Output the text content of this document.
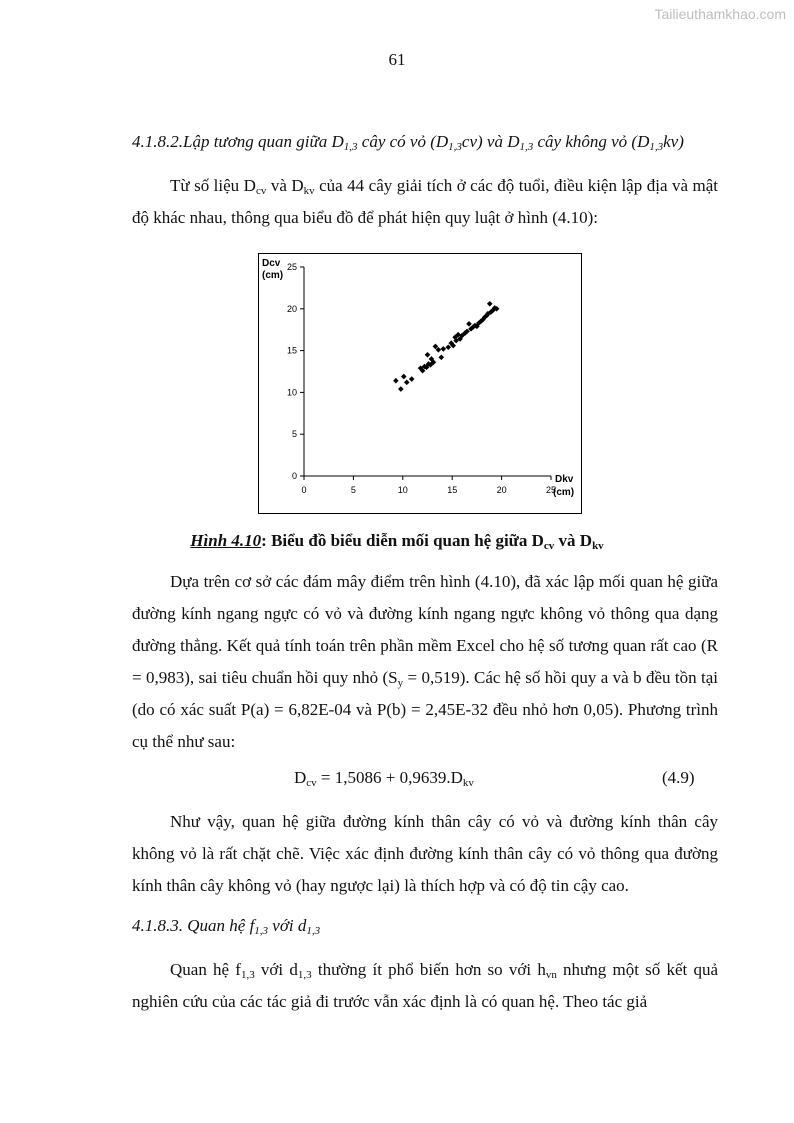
Tailieuthamkhao.com
61
4.1.8.2.Lập tương quan giữa $D_{1,3}$ cây có vỏ $(D_{1,3}cv)$ và $D_{1,3}$ cây không vỏ $(D_{1,3}kv)$
Từ số liệu $D_{cv}$ và $D_{kv}$ của 44 cây giải tích ở các độ tuổi, điều kiện lập địa và mật độ khác nhau, thông qua biểu đồ để phát hiện quy luật ở hình (4.10):
0	5	10	15	20	25
0
5
10
15
20
25
Dcv
(cm)
Dkv
(cm)
Hình 4.10: Biểu đồ biểu diễn mối quan hệ giữa $D_{cv}$ và $D_{kv}$
Dựa trên cơ sở các đám mây điểm trên hình (4.10), đã xác lập mối quan hệ giữa đường kính ngang ngực có vỏ và đường kính ngang ngực không vỏ thông qua dạng đường thẳng. Kết quả tính toán trên phần mềm Excel cho hệ số tương quan rất cao (R = 0,983), sai tiêu chuẩn hồi quy nhỏ $(S_y = 0,519)$. Các hệ số hồi quy a và b đều tồn tại (do có xác suất P(a) = 6,82E-04 và P(b) = 2,45E-32 đều nhỏ hơn 0,05). Phương trình cụ thể như sau:
$D_{cv} = 1,5086 + 0,9639.D_{kv}$	(4.9)
Như vậy, quan hệ giữa đường kính thân cây có vỏ và đường kính thân cây không vỏ là rất chặt chẽ. Việc xác định đường kính thân cây có vỏ thông qua đường kính thân cây không vỏ (hay ngược lại) là thích hợp và có độ tin cậy cao.
4.1.8.3. Quan hệ $f_{1,3}$ với $d_{1,3}$
Quan hệ $f_{1,3}$ với $d_{1,3}$ thường ít phổ biến hơn so với $h_{vn}$ nhưng một số kết quả nghiên cứu của các tác giả đi trước vẫn xác định là có quan hệ. Theo tác giả
